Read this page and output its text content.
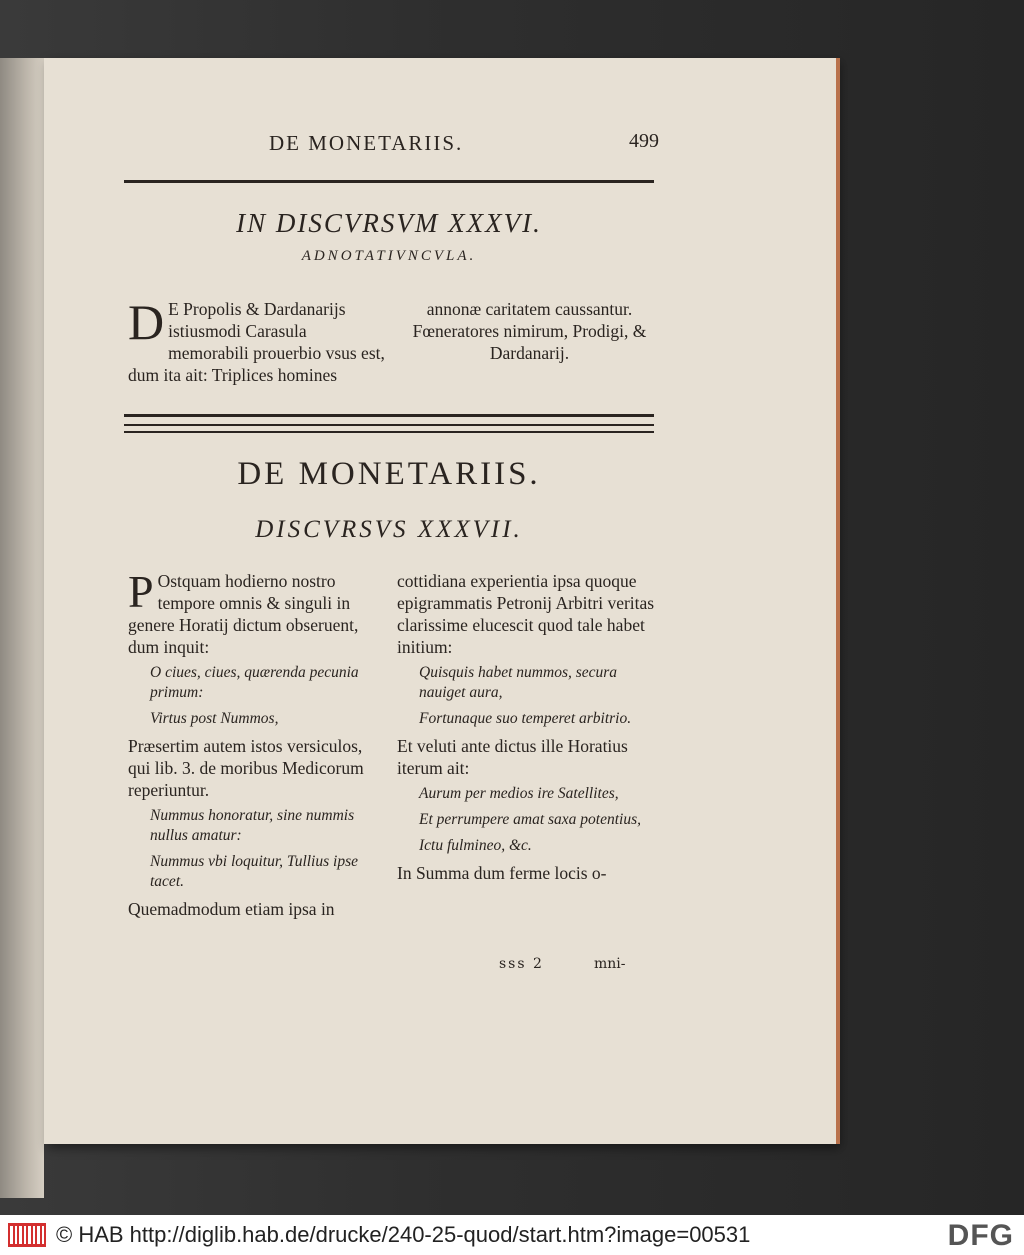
DE MONETARIIS.	499
IN DISCVRSVM XXXVI.
ADNOTATIVNCVLA.
D E Propolis & Dardanarijs istiusmodi Carasula memorabili prouerbio vsus est, dum ita ait: Triplices homines
annonæ caritatem caussantur. Fœneratores nimirum, Prodigi, & Dardanarij.
DE MONETARIIS.
DISCVRSVS XXXVII.

P Ostquam hodierno nostro tempore omnis & singuli in genere Horatij dictum obseruent, dum inquit:

O ciues, ciues, quærenda pecunia primum:

Virtus post Nummos,

Præsertim autem istos versiculos, qui lib. 3. de moribus Medicorum reperiuntur.

Nummus honoratur, sine nummis nullus amatur:

Nummus vbi loquitur, Tullius ipse tacet.

Quemadmodum etiam ipsa in

cottidiana experientia ipsa quoque epigrammatis Petronij Arbitri veritas clarissime elucescit quod tale habet initium:

Quisquis habet nummos, secura nauiget aura,

Fortunaque suo temperet arbitrio.

Et veluti ante dictus ille Horatius iterum ait:

Aurum per medios ire Satellites,

Et perrumpere amat saxa potentius,

Ictu fulmineo, &c.

In Summa dum ferme locis o-

sss 2	mni-
© HAB http://diglib.hab.de/drucke/240-25-quod/start.htm?image=00531	DFG
